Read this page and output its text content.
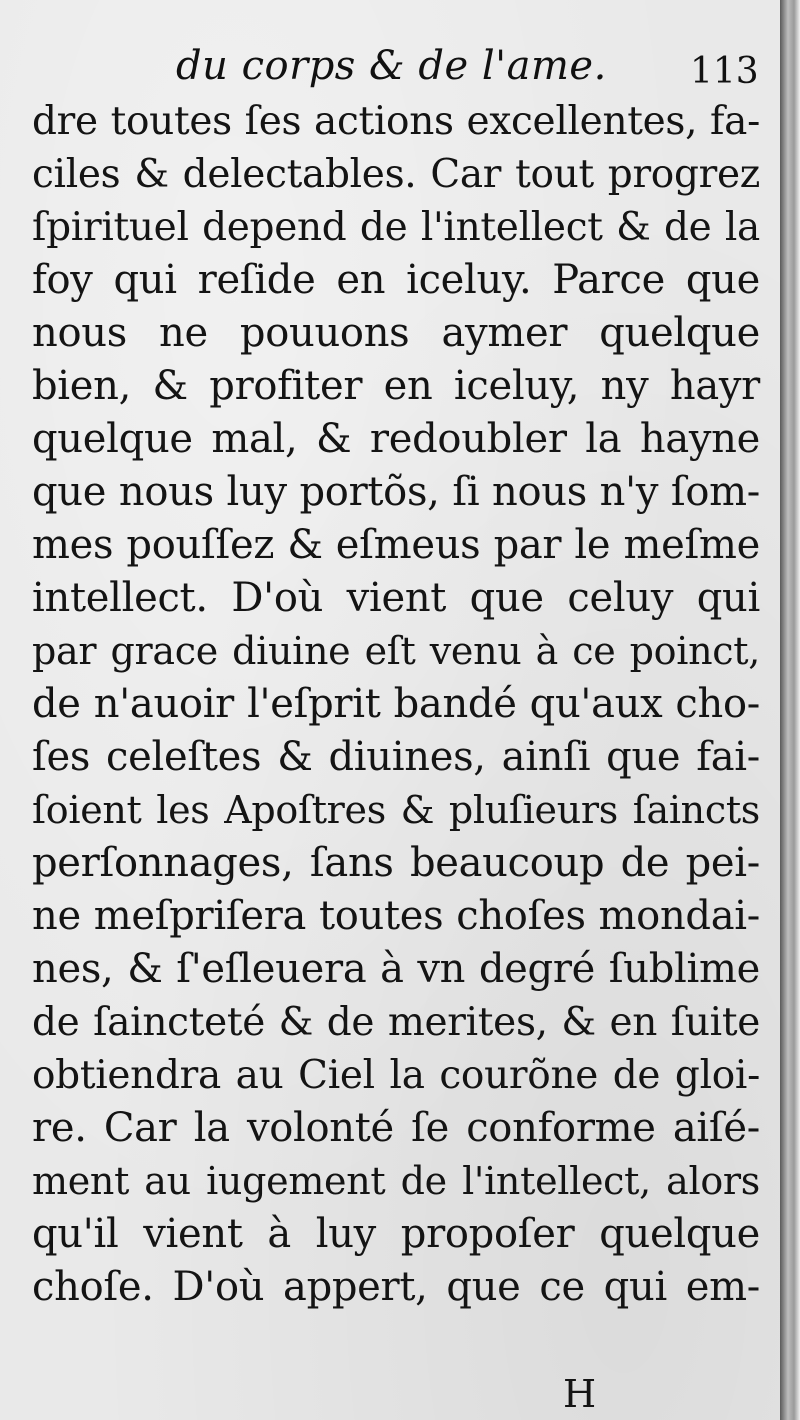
du corps & de l'ame. 113
dre toutes ſes actions excellentes, fa-
ciles & delectables. Car tout progrez
ſpirituel depend de l'intellect & de la
foy qui reſide en iceluy. Parce que
nous ne pouuons aymer quelque
bien, & profiter en iceluy, ny hayr
quelque mal, & redoubler la hayne
que nous luy portõs, ſi nous n'y ſom-
mes pouſſez & eſmeus par le meſme
intellect. D'où vient que celuy qui
par grace diuine eſt venu à ce poinct,
de n'auoir l'eſprit bandé qu'aux cho-
ſes celeſtes & diuines, ainſi que fai-
ſoient les Apoſtres & pluſieurs ſaincts
perſonnages, ſans beaucoup de pei-
ne meſpriſera toutes choſes mondai-
nes, & ſ'eſleuera à vn degré ſublime
de ſaincteté & de merites, & en ſuite
obtiendra au Ciel la courõne de gloi-
re. Car la volonté ſe conforme aiſé-
ment au iugement de l'intellect, alors
qu'il vient à luy propoſer quelque
choſe. D'où appert, que ce qui em-
H
